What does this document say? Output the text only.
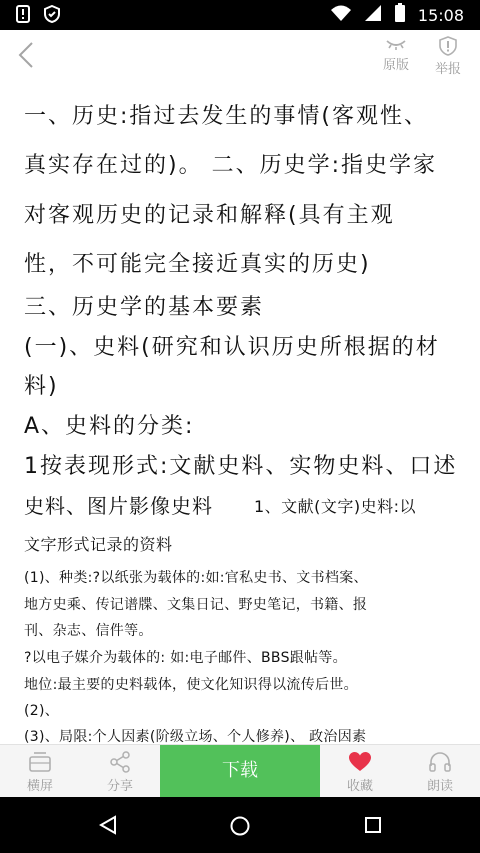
15:08
原版	举报
一、历史:指过去发生的事情(客观性、
真实存在过的)。 二、历史学:指史学家
对客观历史的记录和解释(具有主观
性，不可能完全接近真实的历史)
三、历史学的基本要素
(一)、史料(研究和认识历史所根据的材
料)
A、史料的分类:
1按表现形式:文献史料、实物史料、口述
史料、图片影像史料	1、文献(文字)史料:以
文字形式记录的资料
(1)、种类:?以纸张为载体的:如:官私史书、文书档案、
地方史乘、传记谱牒、文集日记、野史笔记，书籍、报
刊、杂志、信件等。
?以电子媒介为载体的: 如:电子邮件、BBS跟帖等。
地位:最主要的史料载体，使文化知识得以流传后世。
(2)、
(3)、局限:个人因素(阶级立场、个人修养)、 政治因素
横屏	分享
下载
收藏	朗读
